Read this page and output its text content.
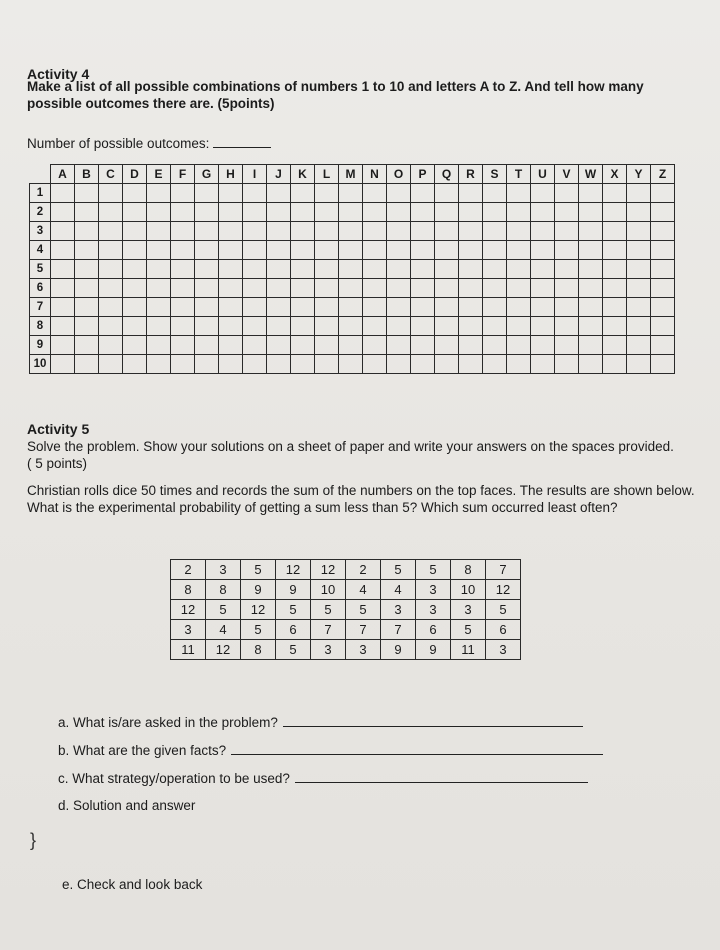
Activity 4
Make a list of all possible combinations of numbers 1 to 10 and letters A to Z. And tell how many possible outcomes there are. (5points)
Number of possible outcomes:
	A	B	C	D	E	F	G	H	I	J	K	L	M	N	O	P	Q	R	S	T	U	V	W	X	Y	Z
1																										
2																										
3																										
4																										
5																										
6																										
7																										
8																										
9																										
10																										
Activity 5
Solve the problem. Show your solutions on a sheet of paper and write your answers on the spaces provided. ( 5 points)
Christian rolls dice 50 times and records the sum of the numbers on the top faces. The results are shown below. What is the experimental probability of getting a sum less than 5? Which sum occurred least often?
2	3	5	12	12	2	5	5	8	7
8	8	9	9	10	4	4	3	10	12
12	5	12	5	5	5	3	3	3	5
3	4	5	6	7	7	7	6	5	6
11	12	8	5	3	3	9	9	11	3
a. What is/are asked in the problem?
b. What are the given facts?
c. What strategy/operation to be used?
d. Solution and answer
e. Check and look back
}
